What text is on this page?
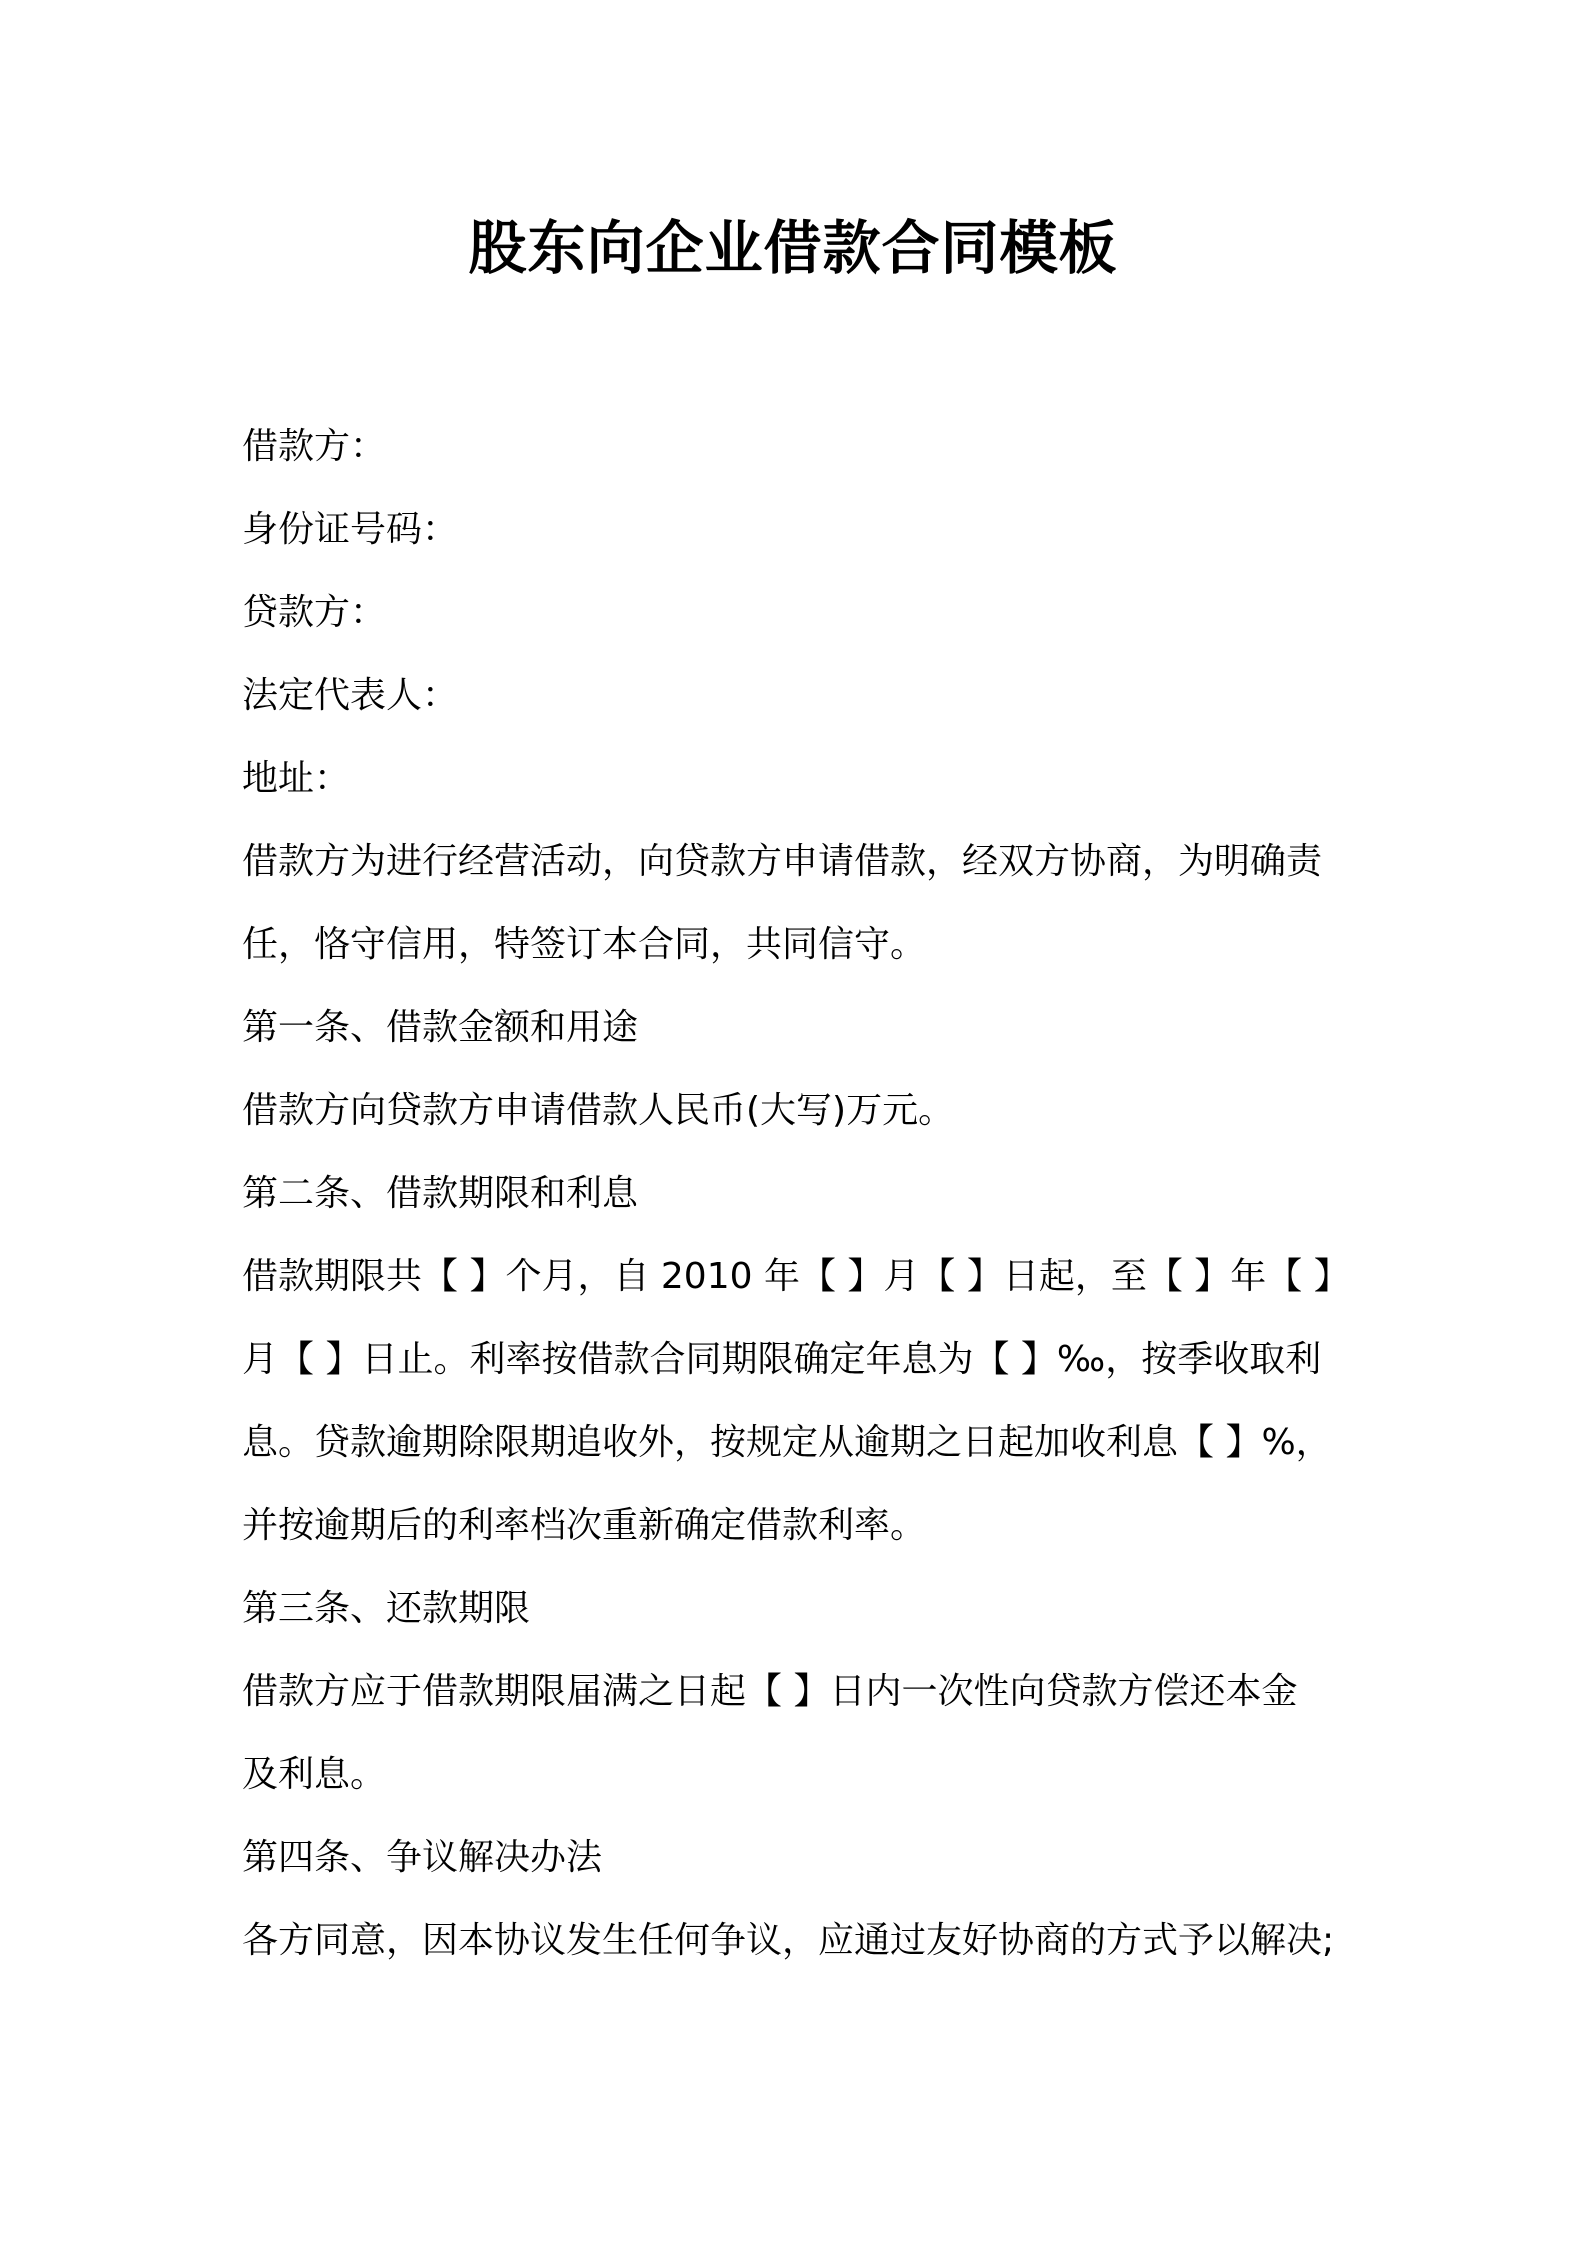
股东向企业借款合同模板
借款方：
身份证号码：
贷款方：
法定代表人：
地址：
借款方为进行经营活动，向贷款方申请借款，经双方协商，为明确责
任，恪守信用，特签订本合同，共同信守。
第一条、借款金额和用途
借款方向贷款方申请借款人民币(大写)万元。
第二条、借款期限和利息
借款期限共【 】个月，自 2010 年【 】月【 】日起，至【 】年【 】
月【 】日止。利率按借款合同期限确定年息为【 】‰，按季收取利
息。贷款逾期除限期追收外，按规定从逾期之日起加收利息【 】%，
并按逾期后的利率档次重新确定借款利率。
第三条、还款期限
借款方应于借款期限届满之日起【 】日内一次性向贷款方偿还本金
及利息。
第四条、争议解决办法
各方同意，因本协议发生任何争议，应通过友好协商的方式予以解决;
